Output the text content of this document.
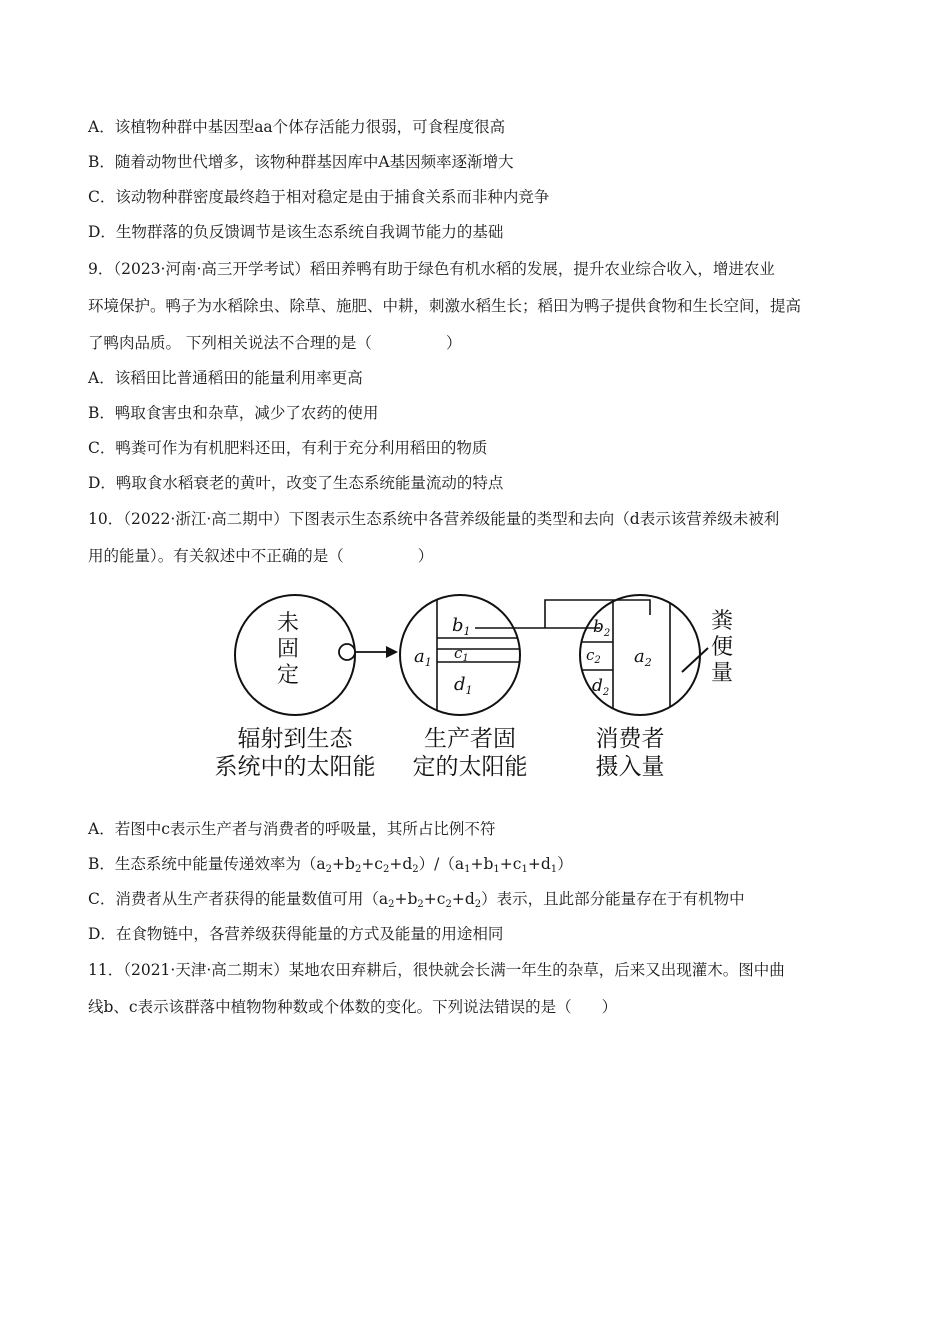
A．该植物种群中基因型aa个体存活能力很弱，可食程度很高
B．随着动物世代增多，该物种群基因库中A基因频率逐渐增大
C．该动物种群密度最终趋于相对稳定是由于捕食关系而非种内竞争
D．生物群落的负反馈调节是该生态系统自我调节能力的基础
9．（2023·河南·高三开学考试）稻田养鸭有助于绿色有机水稻的发展，提升农业综合收入，增进农业
环境保护。鸭子为水稻除虫、除草、施肥、中耕，刺激水稻生长；稻田为鸭子提供食物和生长空间，提高
了鸭肉品质。 下列相关说法不合理的是（	）
A．该稻田比普通稻田的能量利用率更高
B．鸭取食害虫和杂草，减少了农药的使用
C．鸭粪可作为有机肥料还田，有利于充分利用稻田的物质
D．鸭取食水稻衰老的黄叶，改变了生态系统能量流动的特点
10．（2022·浙江·高二期中）下图表示生态系统中各营养级能量的类型和去向（d表示该营养级未被利
用的能量）。有关叙述中不正确的是（	）
未
固
定
$a_1$
$b_1$
$c_1$
$d_1$
$b_2$
$c_2$
$d_2$
$a_2$
粪
便
量
辐射到生态
系统中的太阳能
生产者固
定的太阳能
消费者
摄入量
A．若图中c表示生产者与消费者的呼吸量，其所占比例不符
B．生态系统中能量传递效率为$(a_2+b_2+c_2+d_2)/(a_1+b_1+c_1+d_1)$
C．消费者从生产者获得的能量数值可用$(a_2+b_2+c_2+d_2)$表示，且此部分能量存在于有机物中
D．在食物链中，各营养级获得能量的方式及能量的用途相同
11．（2021·天津·高二期末）某地农田弃耕后，很快就会长满一年生的杂草，后来又出现灌木。图中曲
线b、c表示该群落中植物物种数或个体数的变化。下列说法错误的是（ ）
